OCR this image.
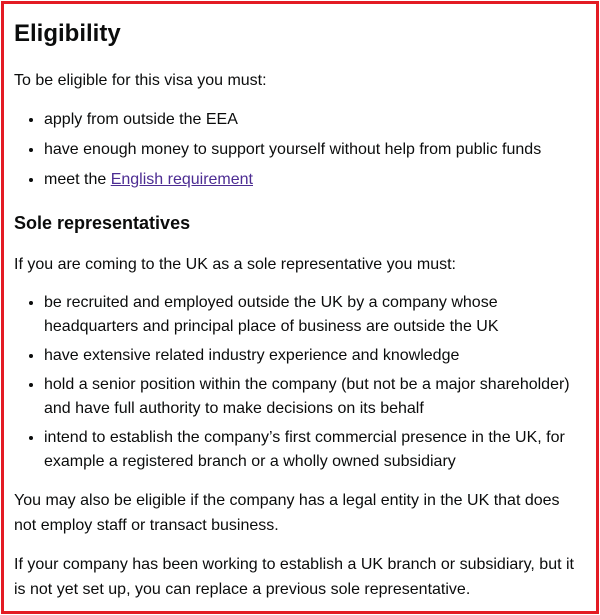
Eligibility

To be eligible for this visa you must:

• apply from outside the EEA
• have enough money to support yourself without help from public funds
• meet the English requirement
Sole representatives

If you are coming to the UK as a sole representative you must:

• be recruited and employed outside the UK by a company whose headquarters and principal place of business are outside the UK
• have extensive related industry experience and knowledge
• hold a senior position within the company (but not be a major shareholder) and have full authority to make decisions on its behalf
• intend to establish the company’s first commercial presence in the UK, for example a registered branch or a wholly owned subsidiary

You may also be eligible if the company has a legal entity in the UK that does not employ staff or transact business.

If your company has been working to establish a UK branch or subsidiary, but it is not yet set up, you can replace a previous sole representative.
